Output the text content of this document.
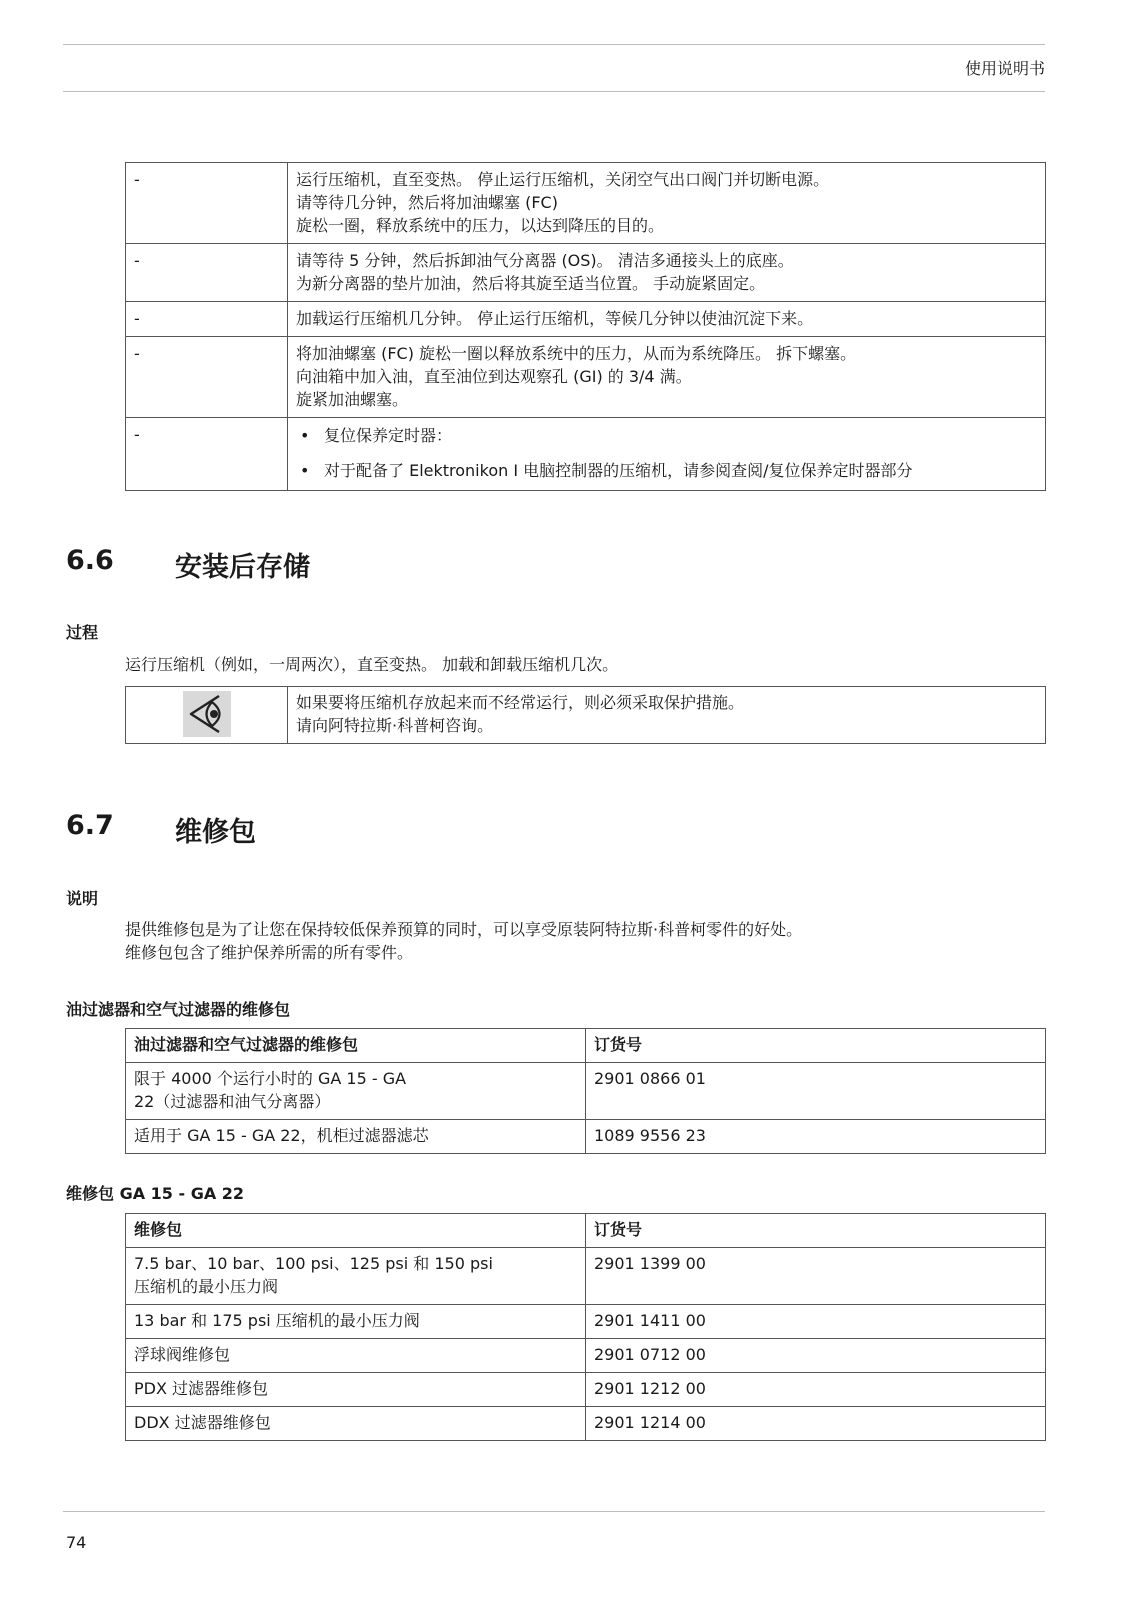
使用说明书
-	运行压缩机，直至变热。 停止运行压缩机，关闭空气出口阀门并切断电源。
请等待几分钟，然后将加油螺塞 (FC)
旋松一圈，释放系统中的压力，以达到降压的目的。

-	请等待 5 分钟，然后拆卸油气分离器 (OS)。 清洁多通接头上的底座。
为新分离器的垫片加油，然后将其旋至适当位置。 手动旋紧固定。

-	加载运行压缩机几分钟。 停止运行压缩机，等候几分钟以使油沉淀下来。

-	将加油螺塞 (FC) 旋松一圈以释放系统中的压力，从而为系统降压。 拆下螺塞。
向油箱中加入油，直至油位到达观察孔 (GI) 的 3/4 满。
旋紧加油螺塞。

-	• 复位保养定时器：
• 对于配备了 Elektronikon I 电脑控制器的压缩机，请参阅查阅/复位保养定时器部分
6.6 安装后存储
过程
运行压缩机（例如，一周两次），直至变热。 加载和卸载压缩机几次。

如果要将压缩机存放起来而不经常运行，则必须采取保护措施。
请向阿特拉斯·科普柯咨询。
6.7 维修包
说明
提供维修包是为了让您在保持较低保养预算的同时，可以享受原装阿特拉斯·科普柯零件的好处。
维修包包含了维护保养所需的所有零件。
油过滤器和空气过滤器的维修包
油过滤器和空气过滤器的维修包	订货号

限于 4000 个运行小时的 GA 15 - GA
22（过滤器和油气分离器）	2901 0866 01

适用于 GA 15 - GA 22，机柜过滤器滤芯	1089 9556 23
维修包 GA 15 - GA 22
维修包	订货号

7.5 bar、10 bar、100 psi、125 psi 和 150 psi
压缩机的最小压力阀	2901 1399 00
13 bar 和 175 psi 压缩机的最小压力阀	2901 1411 00
浮球阀维修包	2901 0712 00
PDX 过滤器维修包	2901 1212 00
DDX 过滤器维修包	2901 1214 00
74
